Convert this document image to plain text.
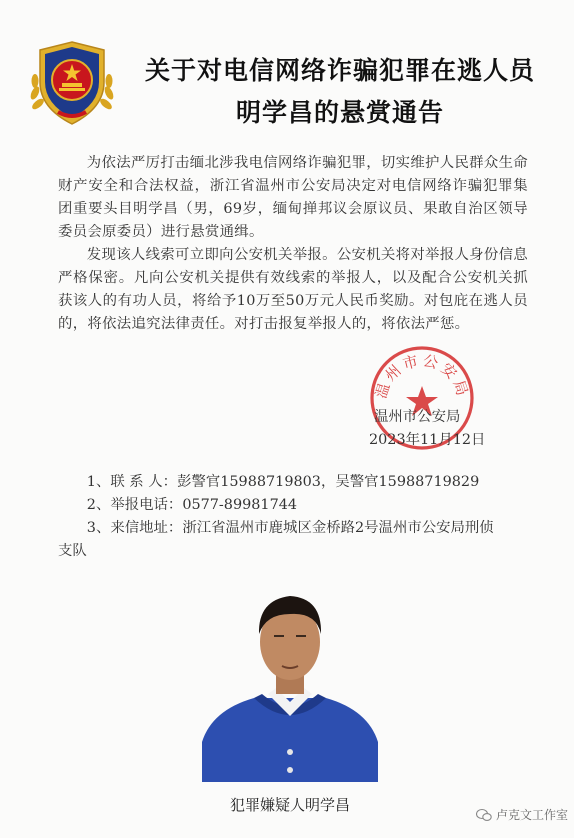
关于对电信网络诈骗犯罪在逃人员
明学昌的悬赏通告

为依法严厉打击缅北涉我电信网络诈骗犯罪，切实维护人民群众生命财产安全和合法权益，浙江省温州市公安局决定对电信网络诈骗犯罪集团重要头目明学昌（男，69岁，缅甸掸邦议会原议员、果敢自治区领导委员会原委员）进行悬赏通缉。

发现该人线索可立即向公安机关举报。公安机关将对举报人身份信息严格保密。凡向公安机关提供有效线索的举报人，以及配合公安机关抓获该人的有功人员，将给予10万至50万元人民币奖励。对包庇在逃人员的，将依法追究法律责任。对打击报复举报人的，将依法严惩。

温州市公安局
温州市公安局
2023年11月12日
1、联 系 人：彭警官15988719803，吴警官15988719829
2、举报电话：0577-89981744
3、来信地址：浙江省温州市鹿城区金桥路2号温州市公安局刑侦
支队
犯罪嫌疑人明学昌
卢克文工作室
